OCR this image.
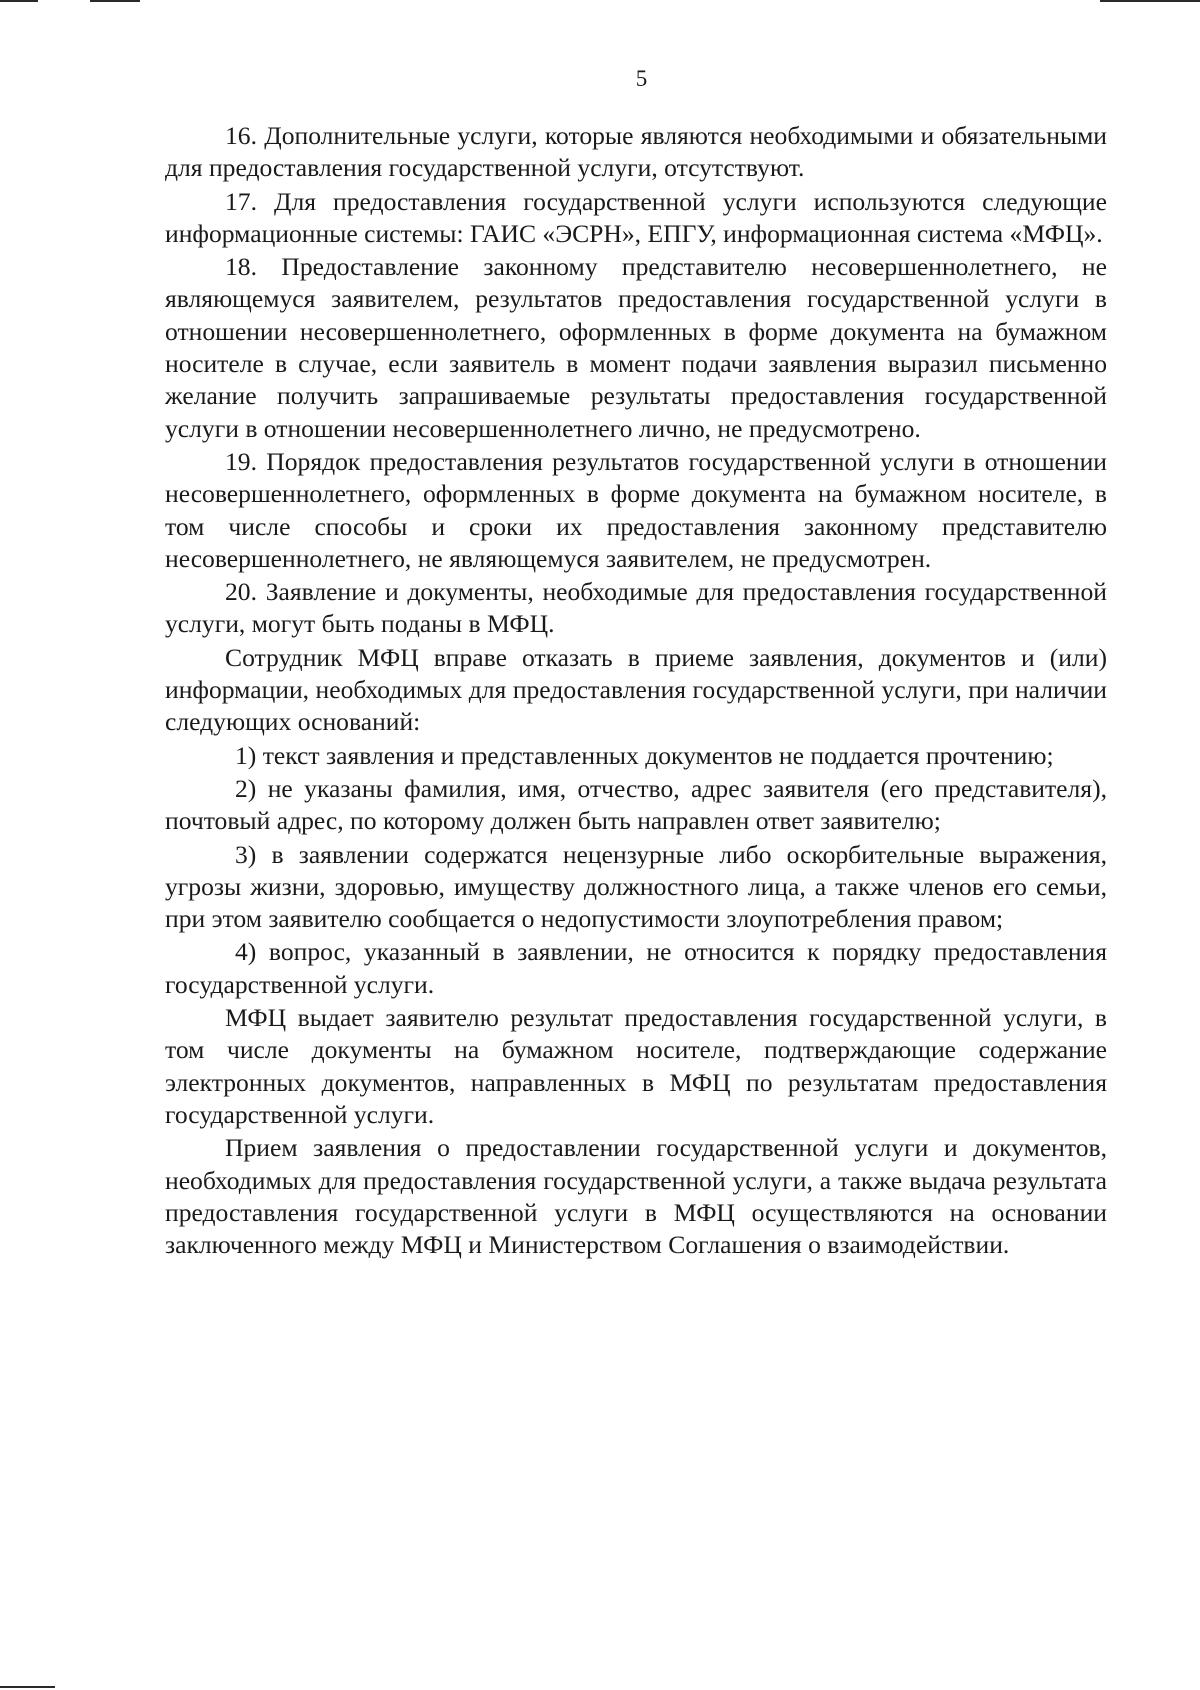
5

16. Дополнительные услуги, которые являются необходимыми и обязательными для предоставления государственной услуги, отсутствуют.

17. Для предоставления государственной услуги используются следующие информационные системы: ГАИС «ЭСРН», ЕПГУ, информационная система «МФЦ».

18. Предоставление законному представителю несовершеннолетнего, не являющемуся заявителем, результатов предоставления государственной услуги в отношении несовершеннолетнего, оформленных в форме документа на бумажном носителе в случае, если заявитель в момент подачи заявления выразил письменно желание получить запрашиваемые результаты предоставления государственной услуги в отношении несовершеннолетнего лично, не предусмотрено.

19. Порядок предоставления результатов государственной услуги в отношении несовершеннолетнего, оформленных в форме документа на бумажном носителе, в том числе способы и сроки их предоставления законному представителю несовершеннолетнего, не являющемуся заявителем, не предусмотрен.

20. Заявление и документы, необходимые для предоставления государственной услуги, могут быть поданы в МФЦ.

Сотрудник МФЦ вправе отказать в приеме заявления, документов и (или) информации, необходимых для предоставления государственной услуги, при наличии следующих оснований:

1) текст заявления и представленных документов не поддается прочтению;

2) не указаны фамилия, имя, отчество, адрес заявителя (его представителя), почтовый адрес, по которому должен быть направлен ответ заявителю;

3) в заявлении содержатся нецензурные либо оскорбительные выражения, угрозы жизни, здоровью, имуществу должностного лица, а также членов его семьи, при этом заявителю сообщается о недопустимости злоупотребления правом;

4) вопрос, указанный в заявлении, не относится к порядку предоставления государственной услуги.

МФЦ выдает заявителю результат предоставления государственной услуги, в том числе документы на бумажном носителе, подтверждающие содержание электронных документов, направленных в МФЦ по результатам предоставления государственной услуги.

Прием заявления о предоставлении государственной услуги и документов, необходимых для предоставления государственной услуги, а также выдача результата предоставления государственной услуги в МФЦ осуществляются на основании заключенного между МФЦ и Министерством Соглашения о взаимодействии.
